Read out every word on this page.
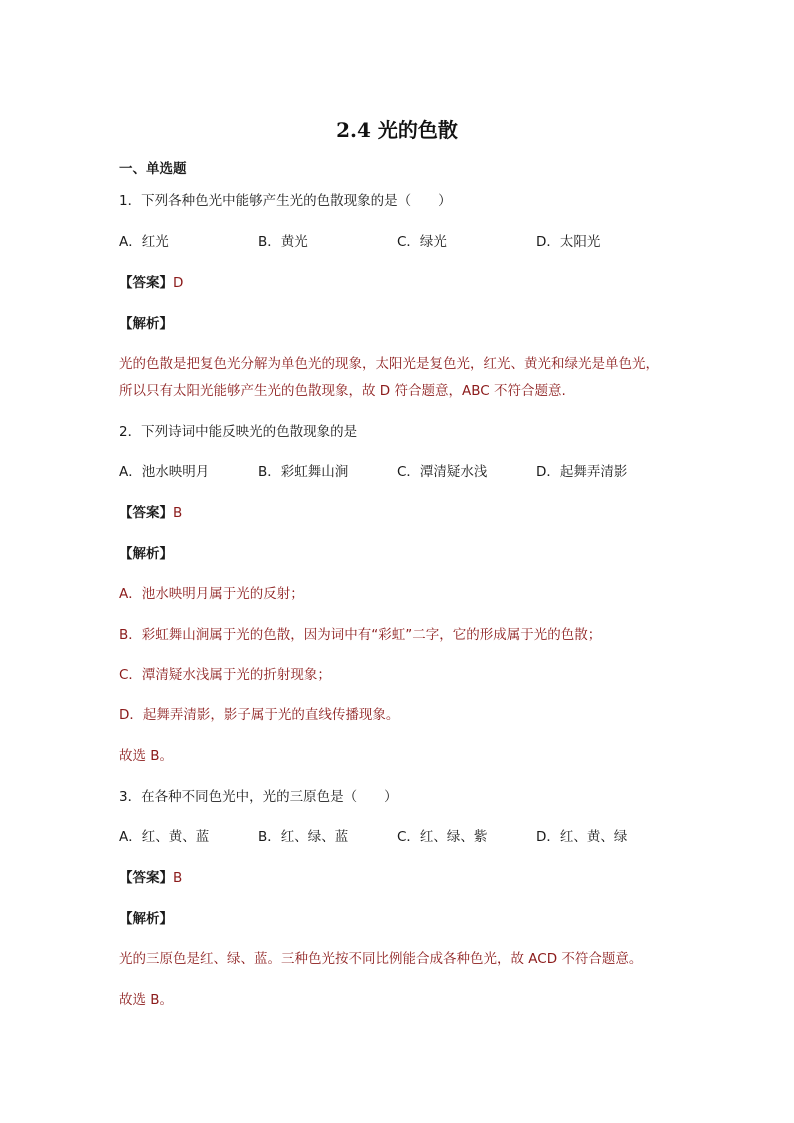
2.4 光的色散
一、单选题
1．下列各种色光中能够产生光的色散现象的是（　　）
A．红光	B．黄光	C．绿光	D．太阳光
【答案】D
【解析】
光的色散是把复色光分解为单色光的现象，太阳光是复色光，红光、黄光和绿光是单色光，
所以只有太阳光能够产生光的色散现象，故 D 符合题意，ABC 不符合题意.
2．下列诗词中能反映光的色散现象的是
A．池水映明月	B．彩虹舞山涧	C．潭清疑水浅	D．起舞弄清影
【答案】B
【解析】
A．池水映明月属于光的反射；
B．彩虹舞山涧属于光的色散，因为词中有“彩虹”二字，它的形成属于光的色散；
C．潭清疑水浅属于光的折射现象；
D．起舞弄清影，影子属于光的直线传播现象。
故选 B。
3．在各种不同色光中，光的三原色是（　　）
A．红、黄、蓝	B．红、绿、蓝	C．红、绿、紫	D．红、黄、绿
【答案】B
【解析】
光的三原色是红、绿、蓝。三种色光按不同比例能合成各种色光，故 ACD 不符合题意。
故选 B。
